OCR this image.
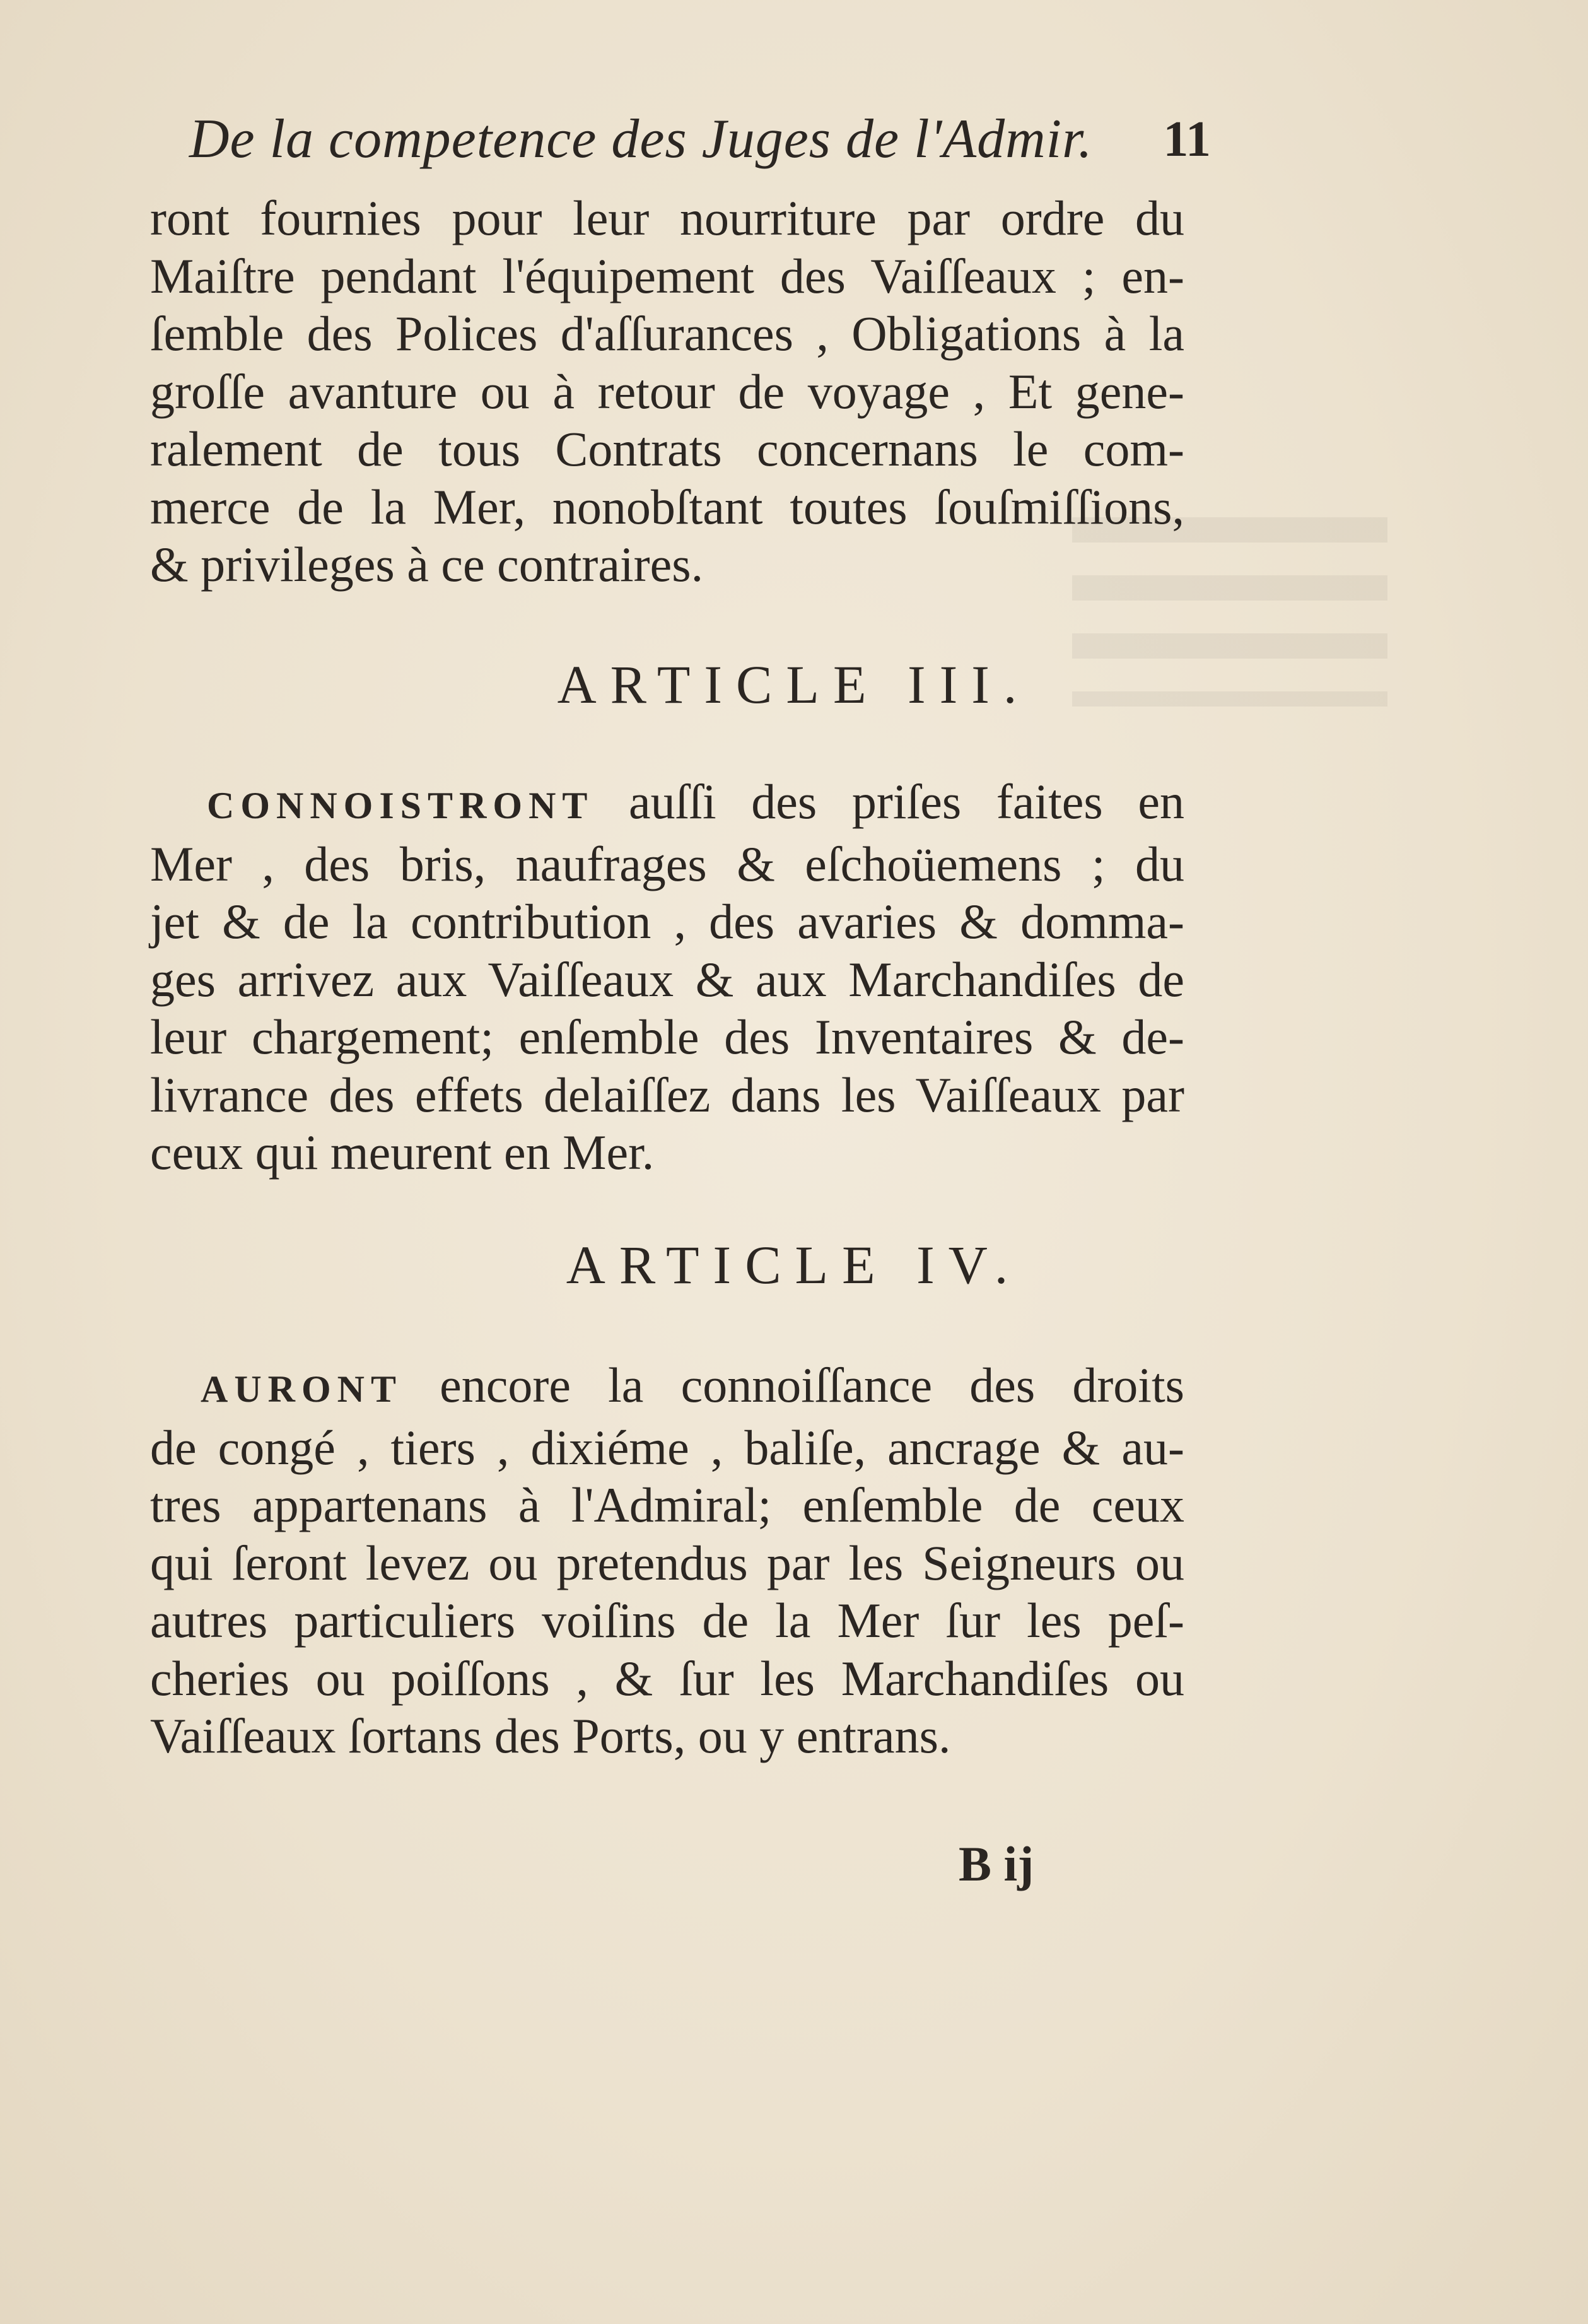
De la competence des Juges de l'Admir. 11
ront fournies pour leur nourriture par ordre du
Maiſtre pendant l'équipement des Vaiſſeaux ; en-
ſemble des Polices d'aſſurances , Obligations à la
groſſe avanture ou à retour de voyage , Et gene-
ralement de tous Contrats concernans le com-
merce de la Mer, nonobſtant toutes ſouſmiſſions,
& privileges à ce contraires.
ARTICLE III.
CONNOISTRONT auſſi des priſes faites en
Mer , des bris, naufrages & eſchoüemens ; du
jet & de la contribution , des avaries & domma-
ges arrivez aux Vaiſſeaux & aux Marchandiſes de
leur chargement; enſemble des Inventaires & de-
livrance des effets delaiſſez dans les Vaiſſeaux par
ceux qui meurent en Mer.
ARTICLE IV.
AURONT encore la connoiſſance des droits
de congé , tiers , dixiéme , baliſe, ancrage & au-
tres appartenans à l'Admiral; enſemble de ceux
qui ſeront levez ou pretendus par les Seigneurs ou
autres particuliers voiſins de la Mer ſur les peſ-
cheries ou poiſſons , & ſur les Marchandiſes ou
Vaiſſeaux ſortans des Ports, ou y entrans.
B ij
